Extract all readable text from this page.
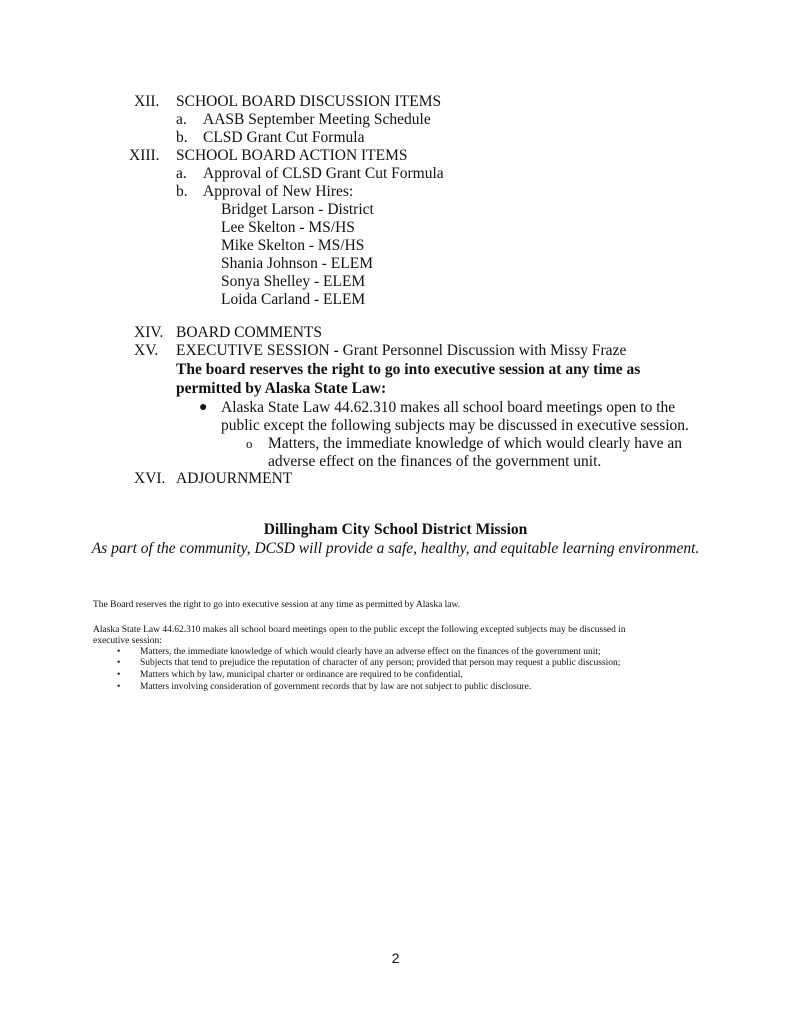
XII. SCHOOL BOARD DISCUSSION ITEMS
a. AASB September Meeting Schedule
b. CLSD Grant Cut Formula
XIII. SCHOOL BOARD ACTION ITEMS
a. Approval of CLSD Grant Cut Formula
b. Approval of New Hires:
Bridget Larson - District
Lee Skelton - MS/HS
Mike Skelton - MS/HS
Shania Johnson - ELEM
Sonya Shelley - ELEM
Loida Carland - ELEM
XIV. BOARD COMMENTS
XV. EXECUTIVE SESSION - Grant Personnel Discussion with Missy Fraze
The board reserves the right to go into executive session at any time as
permitted by Alaska State Law:
● Alaska State Law 44.62.310 makes all school board meetings open to the
public except the following subjects may be discussed in executive session.
o Matters, the immediate knowledge of which would clearly have an
adverse effect on the finances of the government unit.
XVI. ADJOURNMENT
Dillingham City School District Mission
As part of the community, DCSD will provide a safe, healthy, and equitable learning environment.
The Board reserves the right to go into executive session at any time as permitted by Alaska law.
Alaska State Law 44.62.310 makes all school board meetings open to the public except the following excepted subjects may be discussed in
executive session:
• Matters, the immediate knowledge of which would clearly have an adverse effect on the finances of the government unit;
• Subjects that tend to prejudice the reputation of character of any person; provided that person may request a public discussion;
• Matters which by law, municipal charter or ordinance are required to be confidential,
• Matters involving consideration of government records that by law are not subject to public disclosure.
2
